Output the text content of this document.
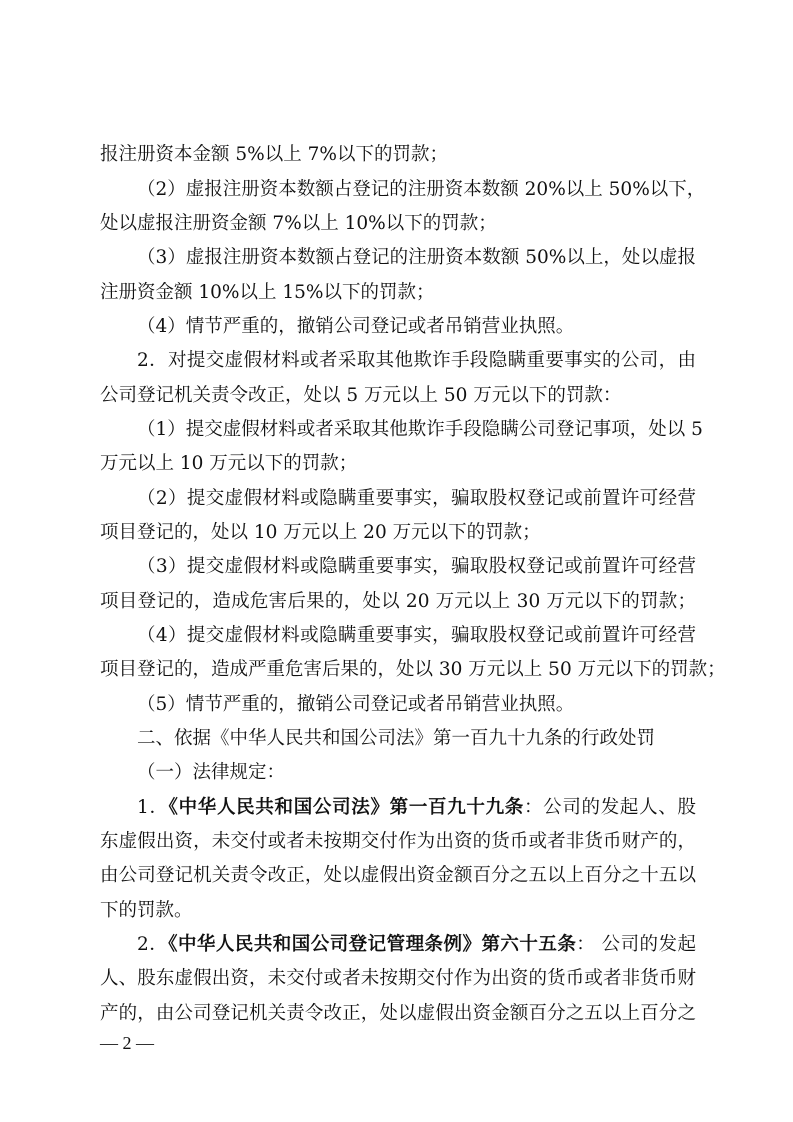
报注册资本金额 5%以上 7%以下的罚款；
（2）虚报注册资本数额占登记的注册资本数额 20%以上 50%以下，
处以虚报注册资金额 7%以上 10%以下的罚款；
（3）虚报注册资本数额占登记的注册资本数额 50%以上，处以虚报
注册资金额 10%以上 15%以下的罚款；
（4）情节严重的，撤销公司登记或者吊销营业执照。
2．对提交虚假材料或者采取其他欺诈手段隐瞒重要事实的公司，由
公司登记机关责令改正，处以 5 万元以上 50 万元以下的罚款：
（1）提交虚假材料或者采取其他欺诈手段隐瞒公司登记事项，处以 5
万元以上 10 万元以下的罚款；
（2）提交虚假材料或隐瞒重要事实，骗取股权登记或前置许可经营
项目登记的，处以 10 万元以上 20 万元以下的罚款；
（3）提交虚假材料或隐瞒重要事实，骗取股权登记或前置许可经营
项目登记的，造成危害后果的，处以 20 万元以上 30 万元以下的罚款；
（4）提交虚假材料或隐瞒重要事实，骗取股权登记或前置许可经营
项目登记的，造成严重危害后果的，处以 30 万元以上 50 万元以下的罚款；
（5）情节严重的，撤销公司登记或者吊销营业执照。
二、依据《中华人民共和国公司法》第一百九十九条的行政处罚
（一）法律规定：
1．《中华人民共和国公司法》第一百九十九条：公司的发起人、股
东虚假出资，未交付或者未按期交付作为出资的货币或者非货币财产的，
由公司登记机关责令改正，处以虚假出资金额百分之五以上百分之十五以
下的罚款。
2．《中华人民共和国公司登记管理条例》第六十五条： 公司的发起
人、股东虚假出资，未交付或者未按期交付作为出资的货币或者非货币财
产的，由公司登记机关责令改正，处以虚假出资金额百分之五以上百分之
— 2 —
